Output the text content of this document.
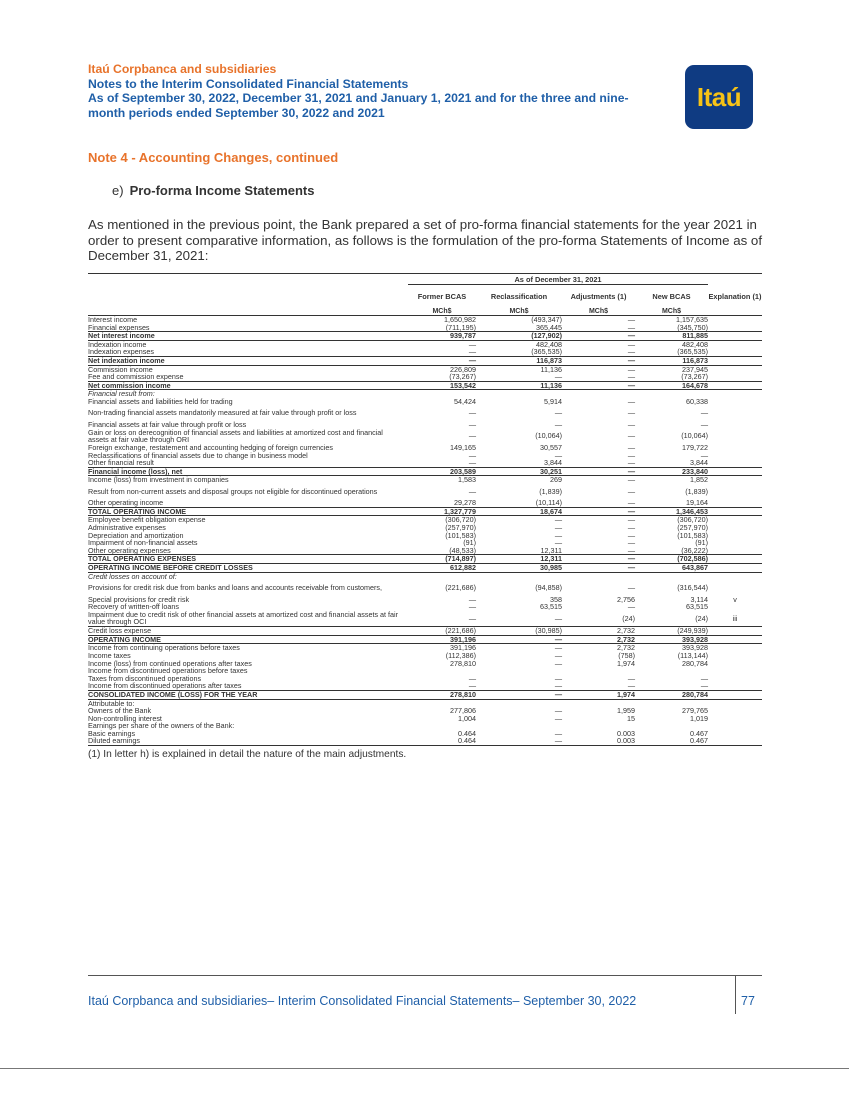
Itaú Corpbanca and subsidiaries
Notes to the Interim Consolidated Financial Statements
As of September 30, 2022, December 31, 2021 and January 1, 2021 and for the three and nine-month periods ended September 30, 2022 and 2021
Itaú
Note 4 - Accounting Changes, continued
e) Pro-forma Income Statements
As mentioned in the previous point, the Bank prepared a set of pro-forma financial statements for the year 2021 in order to present comparative information, as follows is the formulation of the pro-forma Statements of Income as of December 31, 2021:
As of December 31, 2021
Former BCAS	Reclassification	Adjustments (1)	New BCAS	Explanation (1)
MCh$	MCh$	MCh$	MCh$
Interest income	1,650,982	(493,347)	—	1,157,635
Financial expenses	(711,195)	365,445	—	(345,750)
Net interest income	939,787	(127,902)	—	811,885
Indexation income	—	482,408	—	482,408
Indexation expenses	—	(365,535)	—	(365,535)
Net indexation income	—	116,873	—	116,873
Commission income	226,809	11,136	—	237,945
Fee and commission expense	(73,267)	—	—	(73,267)
Net commission income	153,542	11,136	—	164,678
Financial result from:
Financial assets and liabilities held for trading	54,424	5,914	—	60,338
Non-trading financial assets mandatorily measured at fair value through profit or loss	—	—	—	—
Financial assets at fair value through profit or loss	—	—	—	—
Gain or loss on derecognition of financial assets and liabilities at amortized cost and financial assets at fair value through ORI	—	(10,064)	—	(10,064)
Foreign exchange, restatement and accounting hedging of foreign currencies	149,165	30,557	—	179,722
Reclassifications of financial assets due to change in business model	—	—	—	—
Other financial result	—	3,844	—	3,844
Financial income (loss), net	203,589	30,251	—	233,840
Income (loss) from investment in companies	1,583	269	—	1,852
Result from non-current assets and disposal groups not eligible for discontinued operations	—	(1,839)	—	(1,839)
Other operating income	29,278	(10,114)	—	19,164
TOTAL OPERATING INCOME	1,327,779	18,674	—	1,346,453
Employee benefit obligation expense	(306,720)	—	—	(306,720)
Administrative expenses	(257,970)	—	—	(257,970)
Depreciation and amortization	(101,583)	—	—	(101,583)
Impairment of non-financial assets	(91)	—	—	(91)
Other operating expenses	(48,533)	12,311	—	(36,222)
TOTAL OPERATING EXPENSES	(714,897)	12,311	—	(702,586)
OPERATING INCOME BEFORE CREDIT LOSSES	612,882	30,985	—	643,867
Credit losses on account of:
Provisions for credit risk due from banks and loans and accounts receivable from customers,	(221,686)	(94,858)	—	(316,544)
Special provisions for credit risk	—	358	2,756	3,114	v
Recovery of written-off loans	—	63,515	—	63,515
Impairment due to credit risk of other financial assets at amortized cost and financial assets at fair value through OCI	—	—	(24)	(24)	iii
Credit loss expense	(221,686)	(30,985)	2,732	(249,939)
OPERATING INCOME	391,196	—	2,732	393,928
Income from continuing operations before taxes	391,196	—	2,732	393,928
Income taxes	(112,386)	—	(758)	(113,144)
Income (loss) from continued operations after taxes	278,810	—	1,974	280,784
Income from discontinued operations before taxes
Taxes from discontinued operations	—	—	—	—
Income from discontinued operations after taxes	—	—	—	—
CONSOLIDATED INCOME (LOSS) FOR THE YEAR	278,810	—	1,974	280,784
Attributable to:
Owners of the Bank	277,806	—	1,959	279,765
Non-controlling interest	1,004	—	15	1,019
Earnings per share of the owners of the Bank:
Basic earnings	0.464	—	0.003	0.467
Diluted earnings	0.464	—	0.003	0.467
(1) In letter h) is explained in detail the nature of the main adjustments.
Itaú Corpbanca and subsidiaries– Interim Consolidated Financial Statements– September 30, 2022	77
